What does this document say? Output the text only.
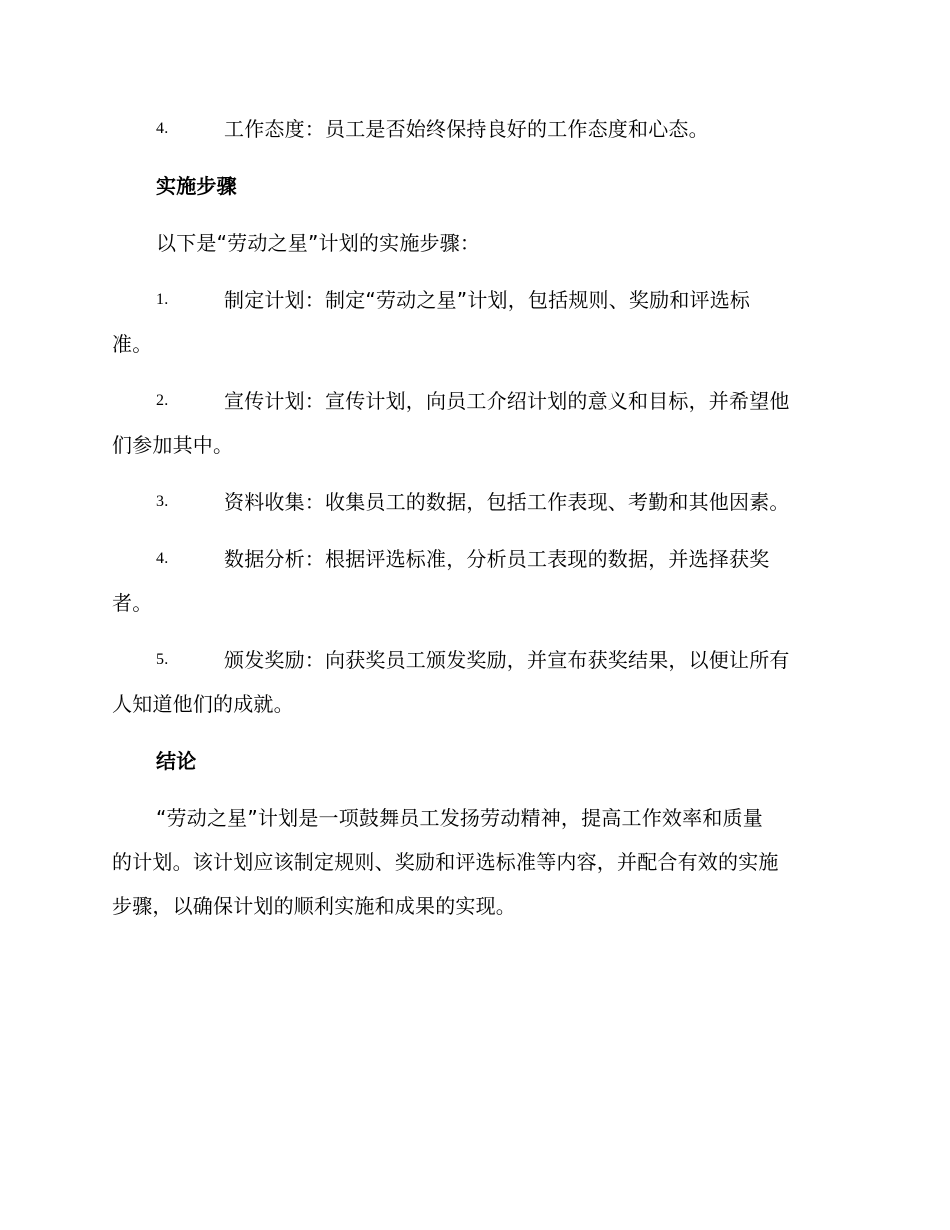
4.	工作态度：员工是否始终保持良好的工作态度和心态。
实施步骤
以下是“劳动之星”计划的实施步骤：
1.	制定计划：制定“劳动之星”计划，包括规则、奖励和评选标
准。
2.	宣传计划：宣传计划，向员工介绍计划的意义和目标，并希望他
们参加其中。
3.	资料收集：收集员工的数据，包括工作表现、考勤和其他因素。
4.	数据分析：根据评选标准，分析员工表现的数据，并选择获奖
者。
5.	颁发奖励：向获奖员工颁发奖励，并宣布获奖结果，以便让所有
人知道他们的成就。
结论
“劳动之星”计划是一项鼓舞员工发扬劳动精神，提高工作效率和质量
的计划。该计划应该制定规则、奖励和评选标准等内容，并配合有效的实施
步骤，以确保计划的顺利实施和成果的实现。
